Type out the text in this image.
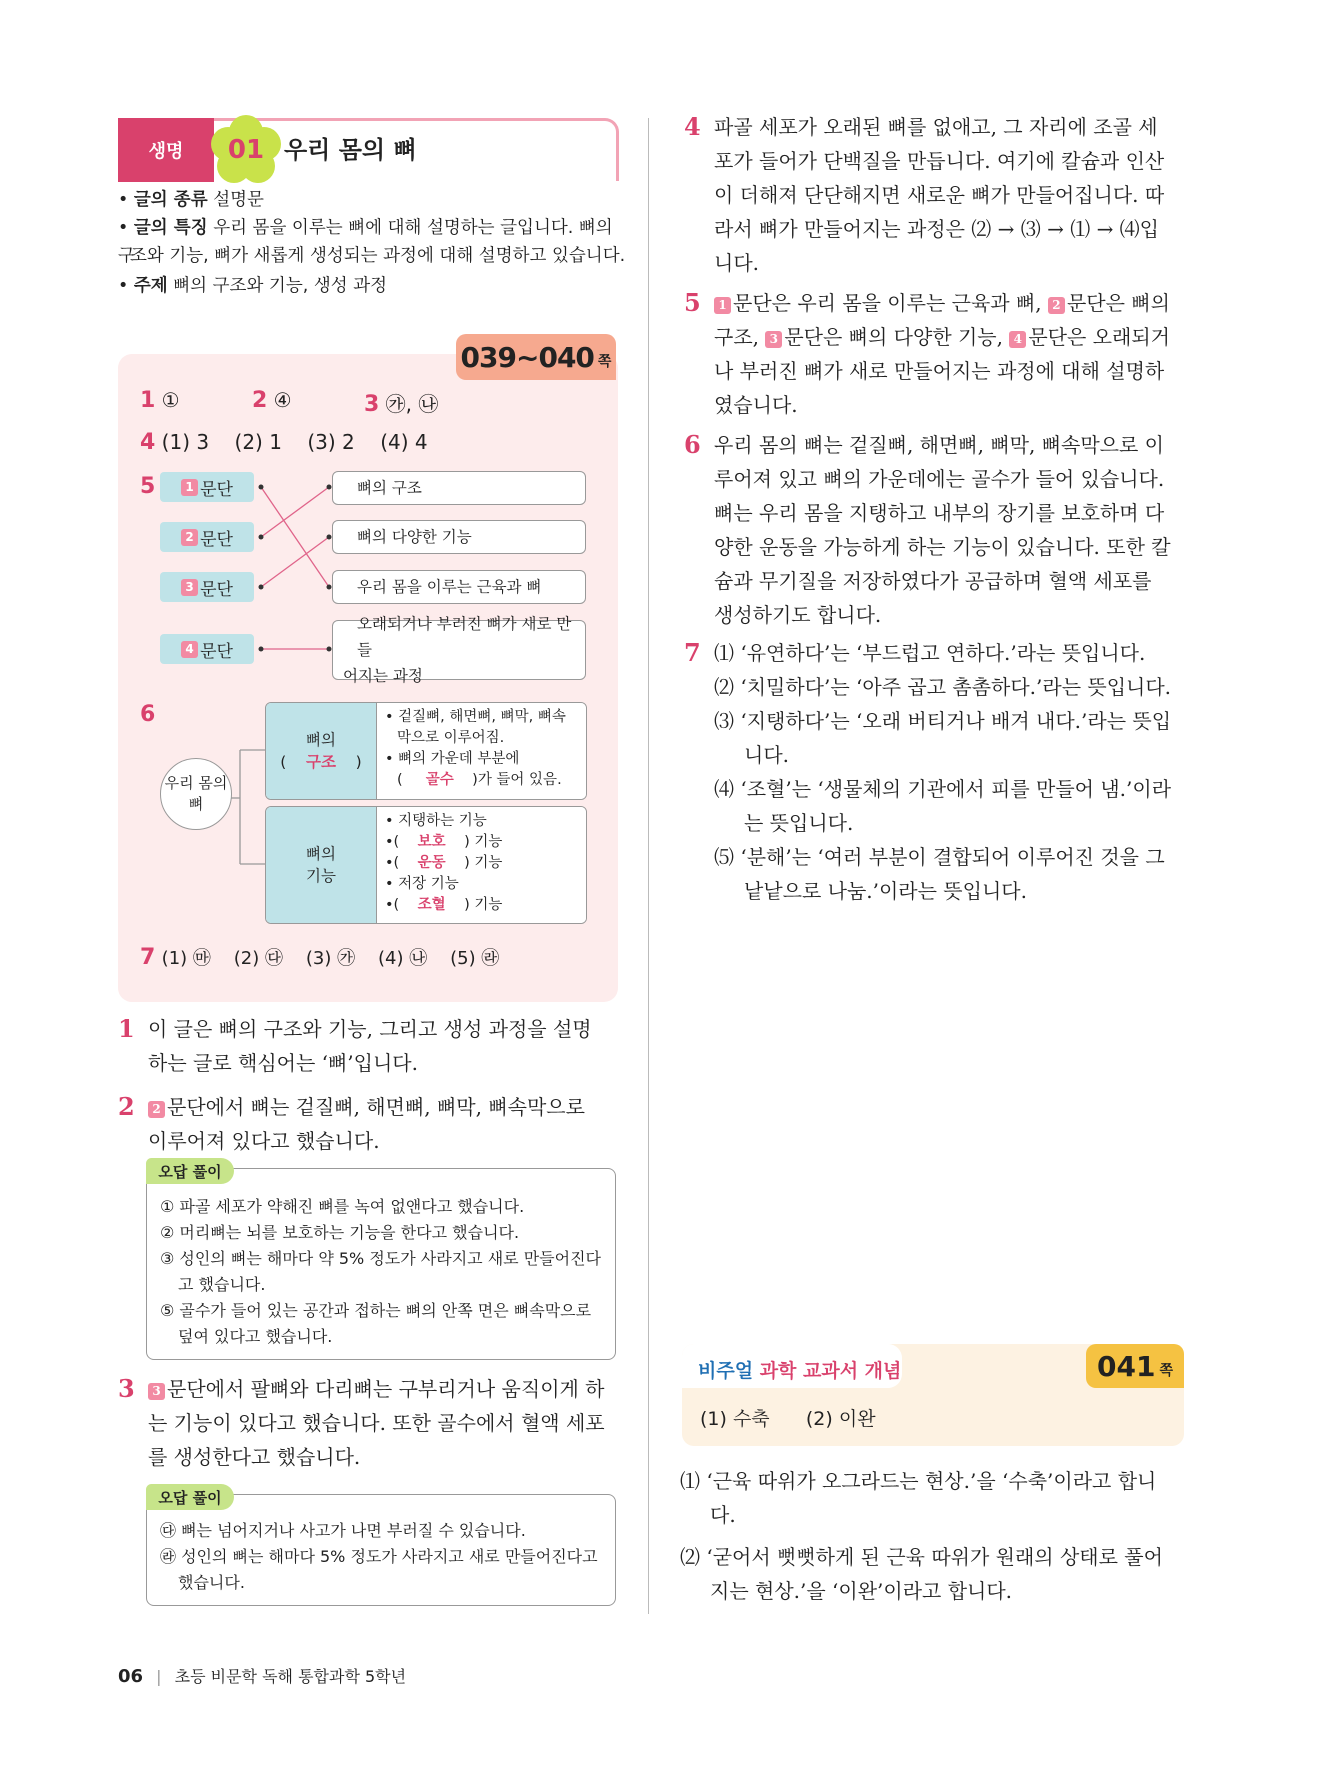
생명	01 우리 몸의 뼈
• 글의 종류 설명문
• 글의 특징 우리 몸을 이루는 뼈에 대해 설명하는 글입니다. 뼈의 구
조와 기능, 뼈가 새롭게 생성되는 과정에 대해 설명하고 있습니다.
• 주제 뼈의 구조와 기능, 생성 과정
039~040 쪽
1 ①	2 ④	3 ㉮, ㉯
4 (1) 3    (2) 1    (3) 2    (4) 4
5	1 문단
2 문단
3 문단
4 문단
뼈의 구조
뼈의 다양한 기능
우리 몸을 이루는 근육과 뼈
오래되거나 부러진 뼈가 새로 만들
어지는 과정
6
우리 몸의
뼈
뼈의
(    구조    )
• 겉질뼈, 해면뼈, 뼈막, 뼈속
막으로 이루어짐.
• 뼈의 가운데 부분에
(     골수 )가 들어 있음.
뼈의
기능
• 지탱하는 기능
•(    보호 ) 기능
•(    운동 ) 기능
• 저장 기능
•(    조혈 ) 기능
7 (1) ㉲    (2) ㉰    (3) ㉮    (4) ㉯    (5) ㉱
1 이 글은 뼈의 구조와 기능, 그리고 생성 과정을 설명
하는 글로 핵심어는 ‘뼈’입니다.
2	2 문단에서 뼈는 겉질뼈, 해면뼈, 뼈막, 뼈속막으로
이루어져 있다고 했습니다.
오답 풀이
① 파골 세포가 약해진 뼈를 녹여 없앤다고 했습니다.
② 머리뼈는 뇌를 보호하는 기능을 한다고 했습니다.
③ 성인의 뼈는 해마다 약 5% 정도가 사라지고 새로 만들어진다
고 했습니다.
⑤ 골수가 들어 있는 공간과 접하는 뼈의 안쪽 면은 뼈속막으로
덮여 있다고 했습니다.
3	3 문단에서 팔뼈와 다리뼈는 구부리거나 움직이게 하
는 기능이 있다고 했습니다. 또한 골수에서 혈액 세포
를 생성한다고 했습니다.
오답 풀이
㉰ 뼈는 넘어지거나 사고가 나면 부러질 수 있습니다.
㉱ 성인의 뼈는 해마다 5% 정도가 사라지고 새로 만들어진다고
했습니다.
4 파골 세포가 오래된 뼈를 없애고, 그 자리에 조골 세
포가 들어가 단백질을 만듭니다. 여기에 칼슘과 인산
이 더해져 단단해지면 새로운 뼈가 만들어집니다. 따
라서 뼈가 만들어지는 과정은 ⑵ → ⑶ → ⑴ → ⑷입
니다.
5	1 문단은 우리 몸을 이루는 근육과 뼈, 2 문단은 뼈의
구조, 3 문단은 뼈의 다양한 기능, 4 문단은 오래되거
나 부러진 뼈가 새로 만들어지는 과정에 대해 설명하
였습니다.
6 우리 몸의 뼈는 겉질뼈, 해면뼈, 뼈막, 뼈속막으로 이
루어져 있고 뼈의 가운데에는 골수가 들어 있습니다.
뼈는 우리 몸을 지탱하고 내부의 장기를 보호하며 다
양한 운동을 가능하게 하는 기능이 있습니다. 또한 칼
슘과 무기질을 저장하였다가 공급하며 혈액 세포를
생성하기도 합니다.
7 ⑴ ‘유연하다’는 ‘부드럽고 연하다.’라는 뜻입니다.
⑵ ‘치밀하다’는 ‘아주 곱고 촘촘하다.’라는 뜻입니다.
⑶ ‘지탱하다’는 ‘오래 버티거나 배겨 내다.’라는 뜻입
니다.
⑷ ‘조혈’는 ‘생물체의 기관에서 피를 만들어 냄.’이라
는 뜻입니다.
⑸ ‘분해’는 ‘여러 부분이 결합되어 이루어진 것을 그
낱낱으로 나눔.’이라는 뜻입니다.
비주얼 과학 교과서 개념	041 쪽
(1) 수축      (2) 이완
⑴ ‘근육 따위가 오그라드는 현상.’을 ‘수축’이라고 합니
다.
⑵ ‘굳어서 뻣뻣하게 된 근육 따위가 원래의 상태로 풀어
지는 현상.’을 ‘이완’이라고 합니다.
06 | 초등 비문학 독해 통합과학 5학년
